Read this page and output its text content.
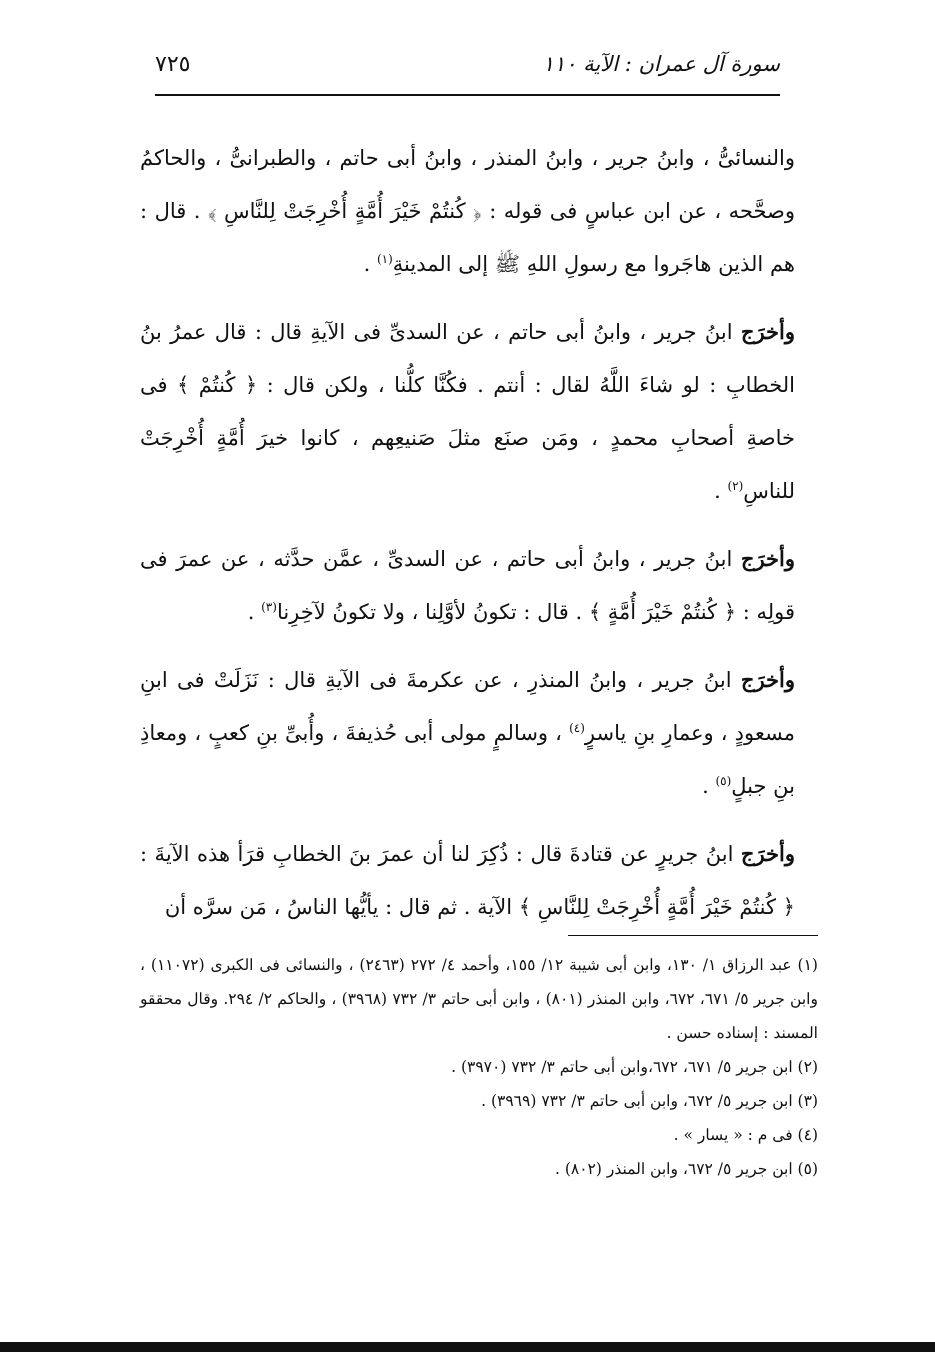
٧٢٥	سورة آل عمران : الآية ١١٠

والنسائىُّ ، وابنُ جرير ، وابنُ المنذر ، وابنُ أبى حاتم ، والطبرانىُّ ، والحاكمُ وصحَّحه ، عن ابن عباسٍ فى قوله : ﴿ كُنتُمْ خَيْرَ أُمَّةٍ أُخْرِجَتْ لِلنَّاسِ ﴾ . قال : هم الذين هاجَروا مع رسولِ اللهِ ﷺ إلى المدينةِ$^{(١)}$ .

وأخرَج ابنُ جرير ، وابنُ أبى حاتم ، عن السدىِّ فى الآيةِ قال : قال عمرُ بنُ الخطابِ : لو شاءَ اللَّهُ لقال : أنتم . فكُنَّا كلُّنا ، ولكن قال : ﴿ كُنتُمْ ﴾ فى خاصةِ أصحابِ محمدٍ ، ومَن صنَع مثلَ صَنيعِهم ، كانوا خيرَ أُمَّةٍ أُخْرِجَتْ للناسِ$^{(٢)}$ .

وأخرَج ابنُ جرير ، وابنُ أبى حاتم ، عن السدىِّ ، عمَّن حدَّثه ، عن عمرَ فى قولِه : ﴿ كُنتُمْ خَيْرَ أُمَّةٍ ﴾ . قال : تكونُ لأوَّلِنا ، ولا تكونُ لآخِرِنا$^{(٣)}$ .

وأخرَج ابنُ جرير ، وابنُ المنذرِ ، عن عكرمةَ فى الآيةِ قال : نَزَلَتْ فى ابنِ مسعودٍ ، وعمارِ بنِ ياسرٍ$^{(٤)}$ ، وسالمٍ مولى أبى حُذيفةَ ، وأُبىِّ بنِ كعبٍ ، ومعاذِ بنِ جبلٍ$^{(٥)}$ .

وأخرَج ابنُ جريرٍ عن قتادةَ قال : ذُكِرَ لنا أن عمرَ بنَ الخطابِ قرَأ هذه الآيةَ : ﴿ كُنتُمْ خَيْرَ أُمَّةٍ أُخْرِجَتْ لِلنَّاسِ ﴾ الآية . ثم قال : يأيُّها الناسُ ، مَن سرَّه أن

(١) عبد الرزاق ١/ ١٣٠، وابن أبى شيبة ١٢/ ١٥٥، وأحمد ٤/ ٢٧٢ (٢٤٦٣) ، والنسائى فى الكبرى (١١٠٧٢) ، وابن جرير ٥/ ٦٧١، ٦٧٢، وابن المنذر (٨٠١) ، وابن أبى حاتم ٣/ ٧٣٢ (٣٩٦٨) ، والحاكم ٢/ ٢٩٤. وقال محققو المسند : إسناده حسن .

(٢) ابن جرير ٥/ ٦٧١، ٦٧٢،وابن أبى حاتم ٣/ ٧٣٢ (٣٩٧٠) .

(٣) ابن جرير ٥/ ٦٧٢، وابن أبى حاتم ٣/ ٧٣٢ (٣٩٦٩) .

(٤) فى م : « يسار » .

(٥) ابن جرير ٥/ ٦٧٢، وابن المنذر (٨٠٢) .
